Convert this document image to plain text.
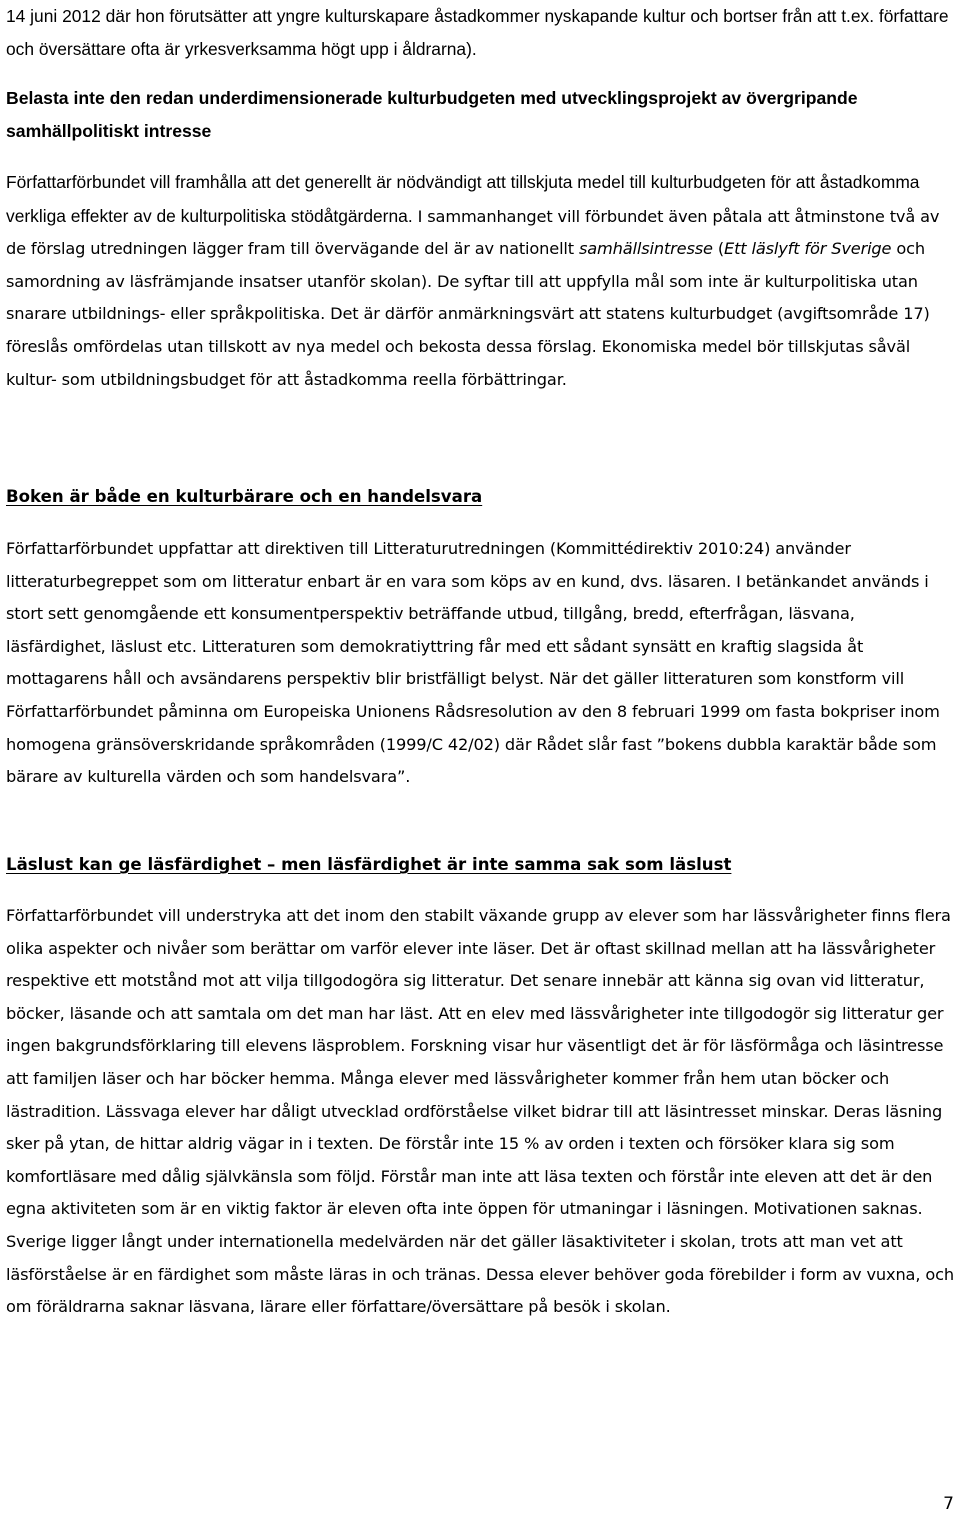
14 juni 2012 där hon förutsätter att yngre kulturskapare åstadkommer nyskapande kultur och bortser från att t.ex. författare och översättare ofta är yrkesverksamma högt upp i åldrarna).

Belasta inte den redan underdimensionerade kulturbudgeten med utvecklingsprojekt av övergripande samhällpolitiskt intresse

Författarförbundet vill framhålla att det generellt är nödvändigt att tillskjuta medel till kulturbudgeten för att åstadkomma verkliga effekter av de kulturpolitiska stödåtgärderna. I sammanhanget vill förbundet även påtala att åtminstone två av de förslag utredningen lägger fram till övervägande del är av nationellt samhällsintresse (Ett läslyft för Sverige och samordning av läsfrämjande insatser utanför skolan). De syftar till att uppfylla mål som inte är kulturpolitiska utan snarare utbildnings- eller språkpolitiska. Det är därför anmärkningsvärt att statens kulturbudget (avgiftsområde 17) föreslås omfördelas utan tillskott av nya medel och bekosta dessa förslag. Ekonomiska medel bör tillskjutas såväl kultur- som utbildningsbudget för att åstadkomma reella förbättringar.

Boken är både en kulturbärare och en handelsvara

Författarförbundet uppfattar att direktiven till Litteraturutredningen (Kommittédirektiv 2010:24) använder litteraturbegreppet som om litteratur enbart är en vara som köps av en kund, dvs. läsaren. I betänkandet används i stort sett genomgående ett konsumentperspektiv beträffande utbud, tillgång, bredd, efterfrågan, läsvana, läsfärdighet, läslust etc. Litteraturen som demokratiyttring får med ett sådant synsätt en kraftig slagsida åt mottagarens håll och avsändarens perspektiv blir bristfälligt belyst. När det gäller litteraturen som konstform vill Författarförbundet påminna om Europeiska Unionens Rådsresolution av den 8 februari 1999 om fasta bokpriser inom homogena gränsöverskridande språkområden (1999/C 42/02) där Rådet slår fast ”bokens dubbla karaktär både som bärare av kulturella värden och som handelsvara”.

Läslust kan ge läsfärdighet – men läsfärdighet är inte samma sak som läslust

Författarförbundet vill understryka att det inom den stabilt växande grupp av elever som har lässvårigheter finns flera olika aspekter och nivåer som berättar om varför elever inte läser. Det är oftast skillnad mellan att ha lässvårigheter respektive ett motstånd mot att vilja tillgodogöra sig litteratur. Det senare innebär att känna sig ovan vid litteratur, böcker, läsande och att samtala om det man har läst. Att en elev med lässvårigheter inte tillgodogör sig litteratur ger ingen bakgrundsförklaring till elevens läsproblem. Forskning visar hur väsentligt det är för läsförmåga och läsintresse att familjen läser och har böcker hemma. Många elever med lässvårigheter kommer från hem utan böcker och lästradition. Lässvaga elever har dåligt utvecklad ordförståelse vilket bidrar till att läsintresset minskar. Deras läsning sker på ytan, de hittar aldrig vägar in i texten. De förstår inte 15 % av orden i texten och försöker klara sig som komfortläsare med dålig självkänsla som följd. Förstår man inte att läsa texten och förstår inte eleven att det är den egna aktiviteten som är en viktig faktor är eleven ofta inte öppen för utmaningar i läsningen. Motivationen saknas. Sverige ligger långt under internationella medelvärden när det gäller läsaktiviteter i skolan, trots att man vet att läsförståelse är en färdighet som måste läras in och tränas. Dessa elever behöver goda förebilder i form av vuxna, och om föräldrarna saknar läsvana, lärare eller författare/översättare på besök i skolan.

7
